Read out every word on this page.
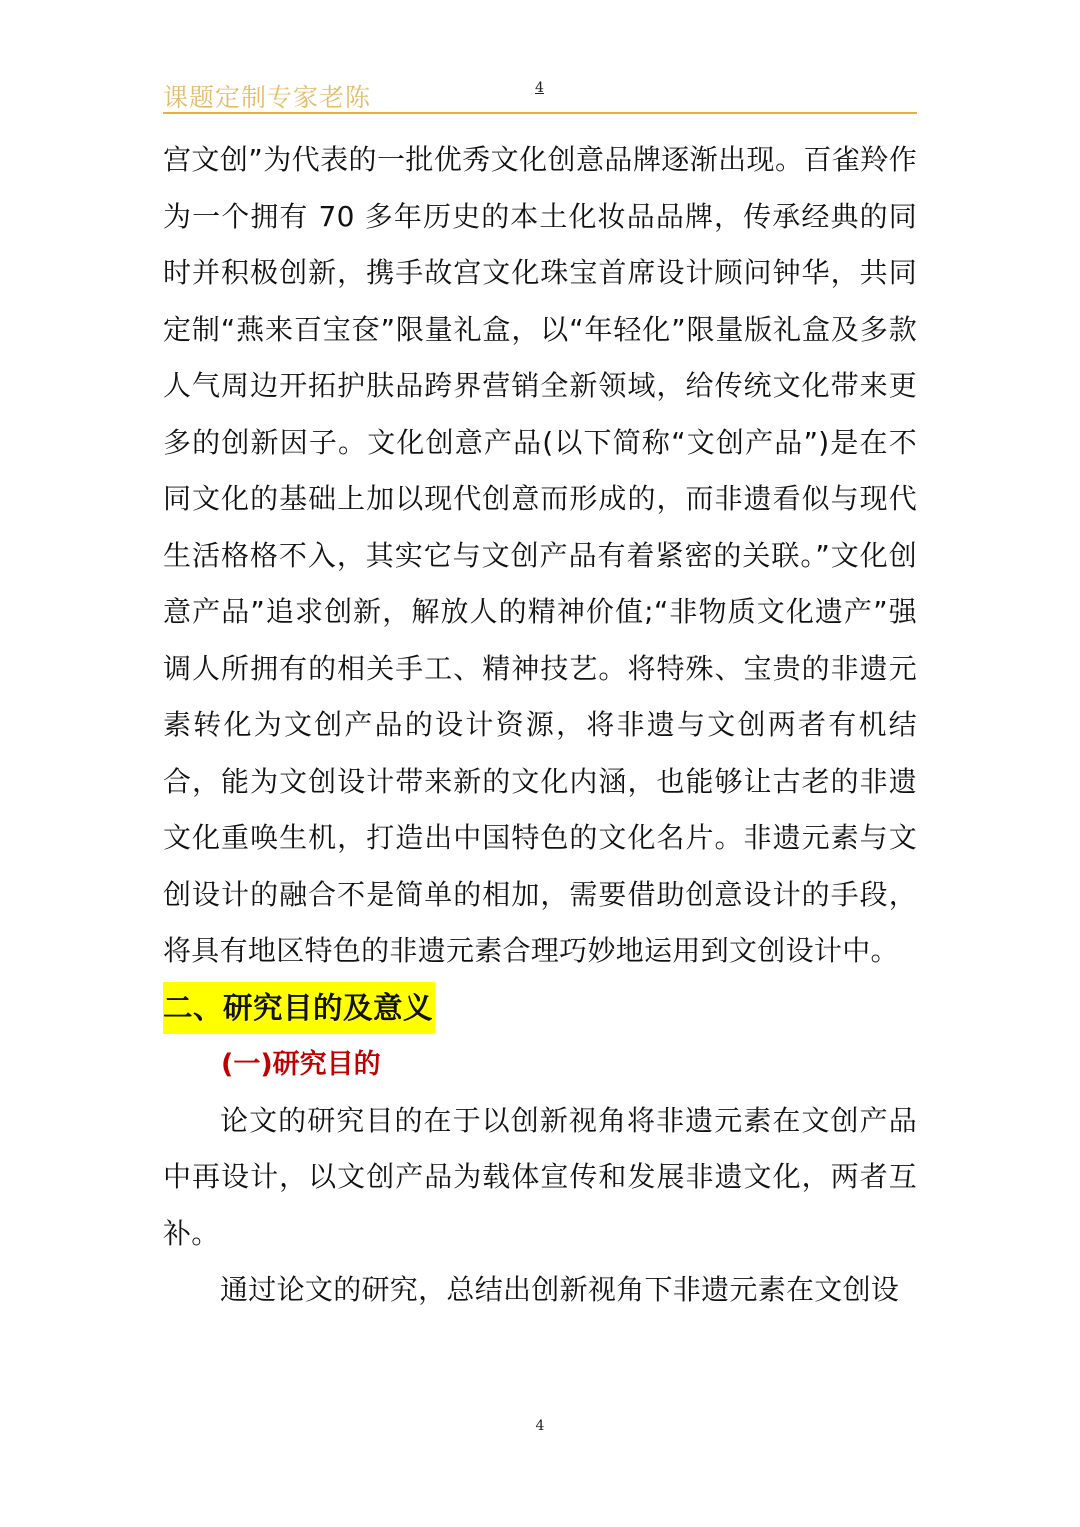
课题定制专家老陈	4

宫文创”为代表的一批优秀文化创意品牌逐渐出现。百雀羚作为一个拥有 70 多年历史的本土化妆品品牌，传承经典的同时并积极创新，携手故宫文化珠宝首席设计顾问钟华，共同定制“燕来百宝奁”限量礼盒，以“年轻化”限量版礼盒及多款人气周边开拓护肤品跨界营销全新领域，给传统文化带来更多的创新因子。文化创意产品(以下简称“文创产品”)是在不同文化的基础上加以现代创意而形成的，而非遗看似与现代生活格格不入，其实它与文创产品有着紧密的关联。”文化创意产品”追求创新，解放人的精神价值;“非物质文化遗产”强调人所拥有的相关手工、精神技艺。将特殊、宝贵的非遗元素转化为文创产品的设计资源，将非遗与文创两者有机结合，能为文创设计带来新的文化内涵，也能够让古老的非遗文化重唤生机，打造出中国特色的文化名片。非遗元素与文创设计的融合不是简单的相加，需要借助创意设计的手段，将具有地区特色的非遗元素合理巧妙地运用到文创设计中。

二、研究目的及意义

(一)研究目的

论文的研究目的在于以创新视角将非遗元素在文创产品中再设计，以文创产品为载体宣传和发展非遗文化，两者互补。

通过论文的研究，总结出创新视角下非遗元素在文创设

4
